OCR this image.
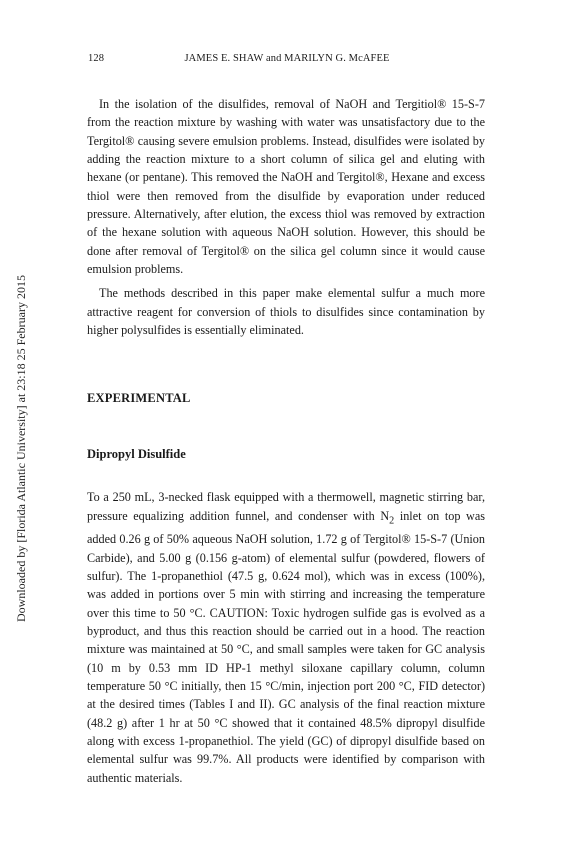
128	JAMES E. SHAW and MARILYN G. McAFEE
Downloaded by [Florida Atlantic University] at 23:18 25 February 2015

In the isolation of the disulfides, removal of NaOH and Tergitiol® 15-S-7 from the reaction mixture by washing with water was unsatisfactory due to the Tergitol® causing severe emulsion problems. Instead, disulfides were isolated by adding the reaction mixture to a short column of silica gel and eluting with hexane (or pentane). This removed the NaOH and Tergitol®, Hexane and excess thiol were then removed from the disulfide by evaporation under reduced pressure. Alternatively, after elution, the excess thiol was removed by extraction of the hexane solution with aqueous NaOH solution. However, this should be done after removal of Tergitol® on the silica gel column since it would cause emulsion problems.

The methods described in this paper make elemental sulfur a much more attractive reagent for conversion of thiols to disulfides since contamination by higher polysulfides is essentially eliminated.

EXPERIMENTAL
Dipropyl Disulfide

To a 250 mL, 3-necked flask equipped with a thermowell, magnetic stirring bar, pressure equalizing addition funnel, and condenser with $N_2$ inlet on top was added 0.26 g of 50% aqueous NaOH solution, 1.72 g of Tergitol® 15-S-7 (Union Carbide), and 5.00 g (0.156 g-atom) of elemental sulfur (powdered, flowers of sulfur). The 1-propanethiol (47.5 g, 0.624 mol), which was in excess (100%), was added in portions over 5 min with stirring and increasing the temperature over this time to 50 °C. CAUTION: Toxic hydrogen sulfide gas is evolved as a byproduct, and thus this reaction should be carried out in a hood. The reaction mixture was maintained at 50 °C, and small samples were taken for GC analysis (10 m by 0.53 mm ID HP-1 methyl siloxane capillary column, column temperature 50 °C initially, then 15 °C/min, injection port 200 °C, FID detector) at the desired times (Tables I and II). GC analysis of the final reaction mixture (48.2 g) after 1 hr at 50 °C showed that it contained 48.5% dipropyl disulfide along with excess 1-propanethiol. The yield (GC) of dipropyl disulfide based on elemental sulfur was 99.7%. All products were identified by comparison with authentic materials.
